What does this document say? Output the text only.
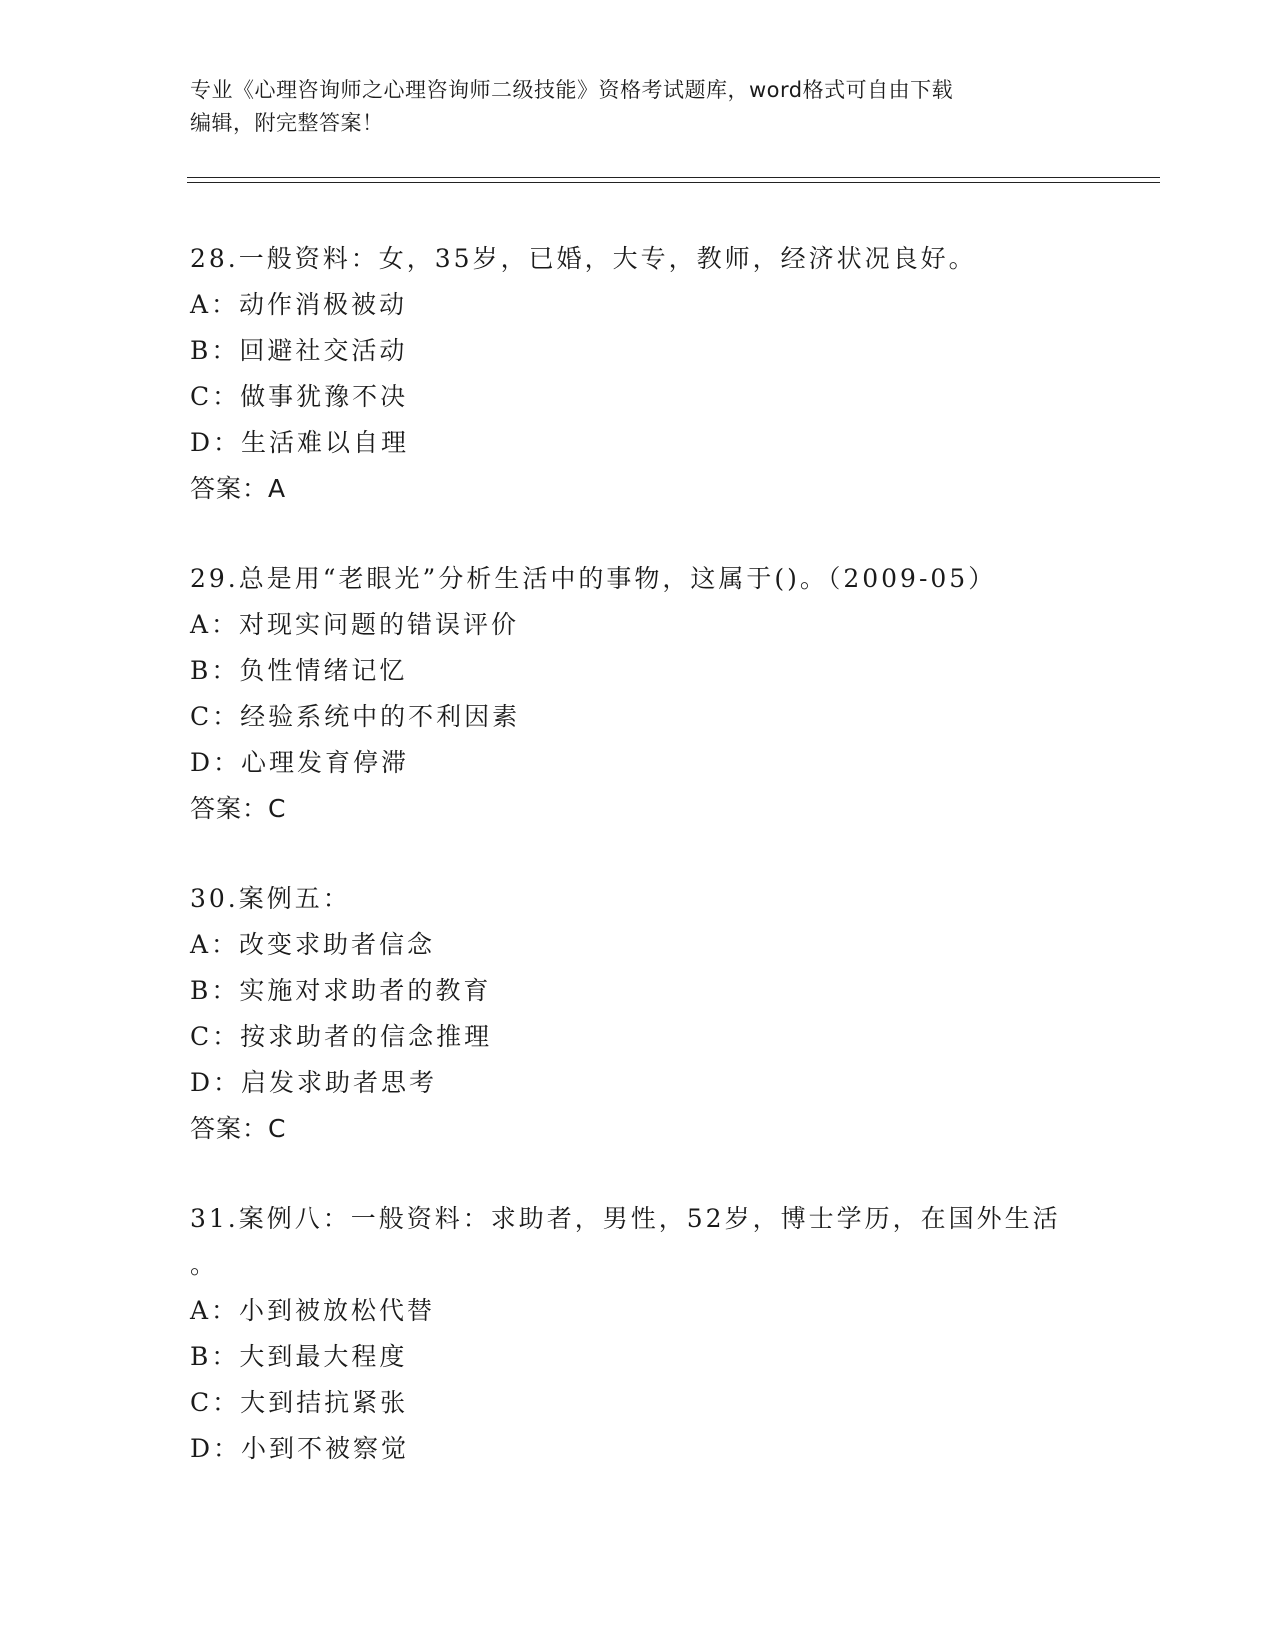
专业《心理咨询师之心理咨询师二级技能》资格考试题库，word格式可自由下载
编辑，附完整答案！
28.一般资料：女，35岁，已婚，大专，教师，经济状况良好。
A：动作消极被动
B：回避社交活动
C：做事犹豫不决
D：生活难以自理
答案：A
29.总是用“老眼光”分析生活中的事物，这属于()。（2009-05）
A：对现实问题的错误评价
B：负性情绪记忆
C：经验系统中的不利因素
D：心理发育停滞
答案：C
30.案例五：
A：改变求助者信念
B：实施对求助者的教育
C：按求助者的信念推理
D：启发求助者思考
答案：C
31.案例八：一般资料：求助者，男性，52岁，博士学历，在国外生活
。
A：小到被放松代替
B：大到最大程度
C：大到拮抗紧张
D：小到不被察觉
